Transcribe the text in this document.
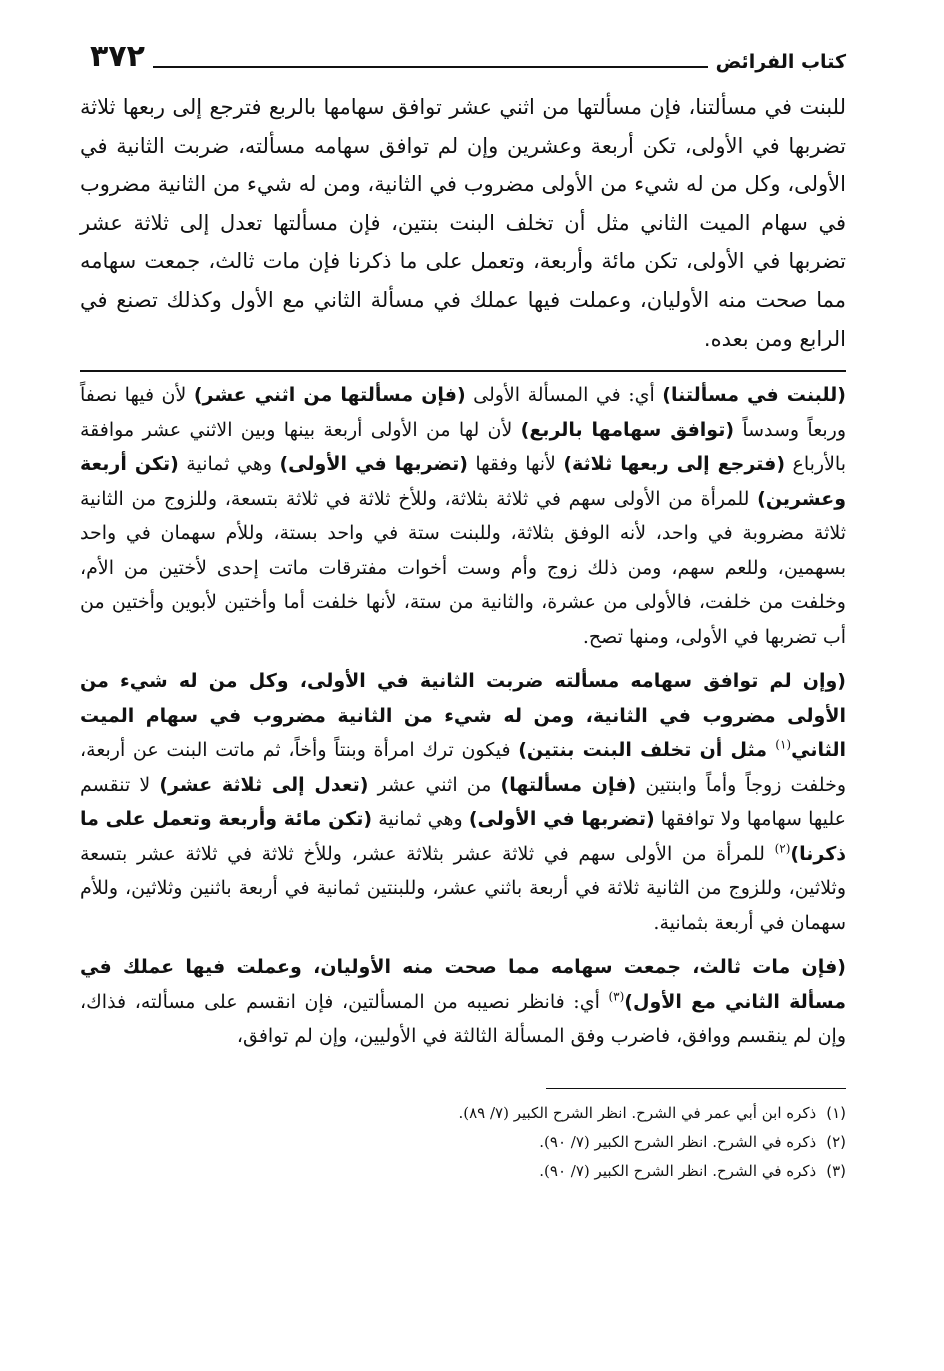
كتاب الفرائض
٣٧٢
للبنت في مسألتنا، فإن مسألتها من اثني عشر توافق سهامها بالربع فترجع إلى ربعها ثلاثة تضربها في الأولى، تكن أربعة وعشرين وإن لم توافق سهامه مسألته، ضربت الثانية في الأولى، وكل من له شيء من الأولى مضروب في الثانية، ومن له شيء من الثانية مضروب في سهام الميت الثاني مثل أن تخلف البنت بنتين، فإن مسألتها تعدل إلى ثلاثة عشر تضربها في الأولى، تكن مائة وأربعة، وتعمل على ما ذكرنا فإن مات ثالث، جمعت سهامه مما صحت منه الأوليان، وعملت فيها عملك في مسألة الثاني مع الأول وكذلك تصنع في الرابع ومن بعده.

(للبنت في مسألتنا) أي: في المسألة الأولى (فإن مسألتها من اثني عشر) لأن فيها نصفاً وربعاً وسدساً (توافق سهامها بالربع) لأن لها من الأولى أربعة بينها وبين الاثني عشر موافقة بالأرباع (فترجع إلى ربعها ثلاثة) لأنها وفقها (تضربها في الأولى) وهي ثمانية (تكن أربعة وعشرين) للمرأة من الأولى سهم في ثلاثة بثلاثة، وللأخ ثلاثة في ثلاثة بتسعة، وللزوج من الثانية ثلاثة مضروبة في واحد، لأنه الوفق بثلاثة، وللبنت ستة في واحد بستة، وللأم سهمان في واحد بسهمين، وللعم سهم، ومن ذلك زوج وأم وست أخوات مفترقات ماتت إحدى لأختين من الأم، وخلفت من خلفت، فالأولى من عشرة، والثانية من ستة، لأنها خلفت أما وأختين لأبوين وأختين من أب تضربها في الأولى، ومنها تصح.

(وإن لم توافق سهامه مسألته ضربت الثانية في الأولى، وكل من له شيء من الأولى مضروب في الثانية، ومن له شيء من الثانية مضروب في سهام الميت الثاني$^{(١)}$ مثل أن تخلف البنت بنتين) فيكون ترك امرأة وبنتاً وأخاً، ثم ماتت البنت عن أربعة، وخلفت زوجاً وأماً وابنتين (فإن مسألتها) من اثني عشر (تعدل إلى ثلاثة عشر) لا تنقسم عليها سهامها ولا توافقها (تضربها في الأولى) وهي ثمانية (تكن مائة وأربعة وتعمل على ما ذكرنا)$^{(٢)}$ للمرأة من الأولى سهم في ثلاثة عشر بثلاثة عشر، وللأخ ثلاثة في ثلاثة عشر بتسعة وثلاثين، وللزوج من الثانية ثلاثة في أربعة باثني عشر، وللبنتين ثمانية في أربعة باثنين وثلاثين، وللأم سهمان في أربعة بثمانية.

(فإن مات ثالث، جمعت سهامه مما صحت منه الأوليان، وعملت فيها عملك في مسألة الثاني مع الأول)$^{(٣)}$ أي: فانظر نصيبه من المسألتين، فإن انقسم على مسألته، فذاك، وإن لم ينقسم ووافق، فاضرب وفق المسألة الثالثة في الأوليين، وإن لم توافق،

(١)ذكره ابن أبي عمر في الشرح. انظر الشرح الكبير (٧/ ٨٩).
(٢)ذكره في الشرح. انظر الشرح الكبير (٧/ ٩٠).
(٣)ذكره في الشرح. انظر الشرح الكبير (٧/ ٩٠).
